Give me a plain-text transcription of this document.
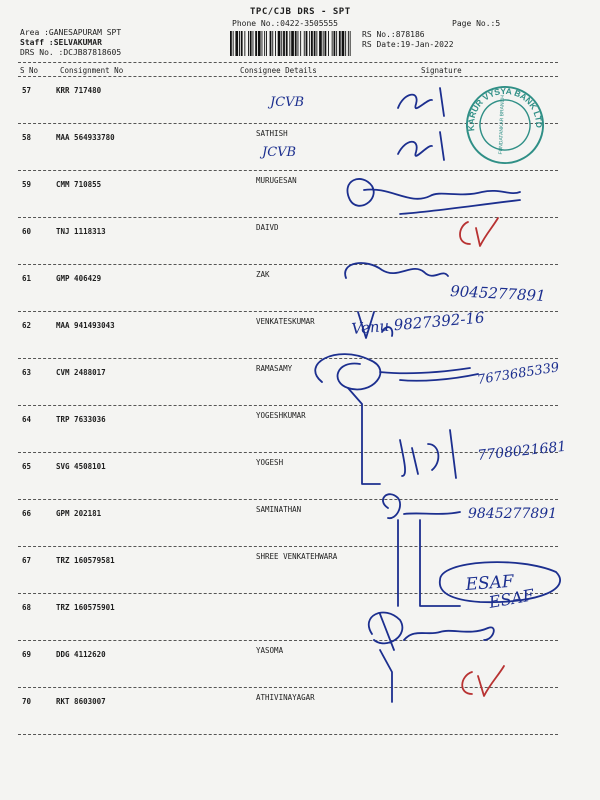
TPC/CJB DRS - SPT
Phone No.:0422-3505555	Page No.:5
RS No.:878186
RS Date:19-Jan-2022
Area :GANESAPURAM SPT
Staff :SELVAKUMAR
DRS No. :DCJB87818605
S No	Consignment No	Consignee Details	Signature
57	KRR 717480
58	MAA 564933780	SATHISH
59	CMM 710855	MURUGESAN
60	TNJ 1118313	DAIVD
61	GMP 406429	ZAK
62	MAA 941493043	VENKATESKUMAR
63	CVM 2488017	RAMASAMY
64	TRP 7633036	YOGESHKUMAR
65	SVG 4508101	YOGESH
66	GPM 202181	SAMINATHAN
67	TRZ 160579581	SHREE VENKATEHWARA
68	TRZ 160575901
69	DDG 4112620	YASOMA
70	RKT 8603007	ATHIVINAYAGAR
KARUR VYSYA BANK LTD
FUNDATANKAR BRANCH
JCVB
JCVB
9045277891
Venu 9827392-16
7673685339
7708021681
9845277891
ESAF
ESAF
